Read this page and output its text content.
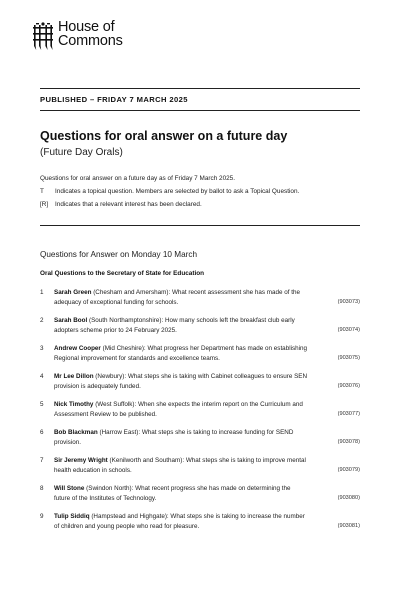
House of
Commons
PUBLISHED – FRIDAY 7 MARCH 2025
Questions for oral answer on a future day
(Future Day Orals)
Questions for oral answer on a future day as of Friday 7 March 2025.
T	Indicates a topical question. Members are selected by ballot to ask a Topical Question.
[R]	Indicates that a relevant interest has been declared.
Questions for Answer on Monday 10 March
Oral Questions to the Secretary of State for Education
1	Sarah Green (Chesham and Amersham): What recent assessment she has made of the
adequacy of exceptional funding for schools.	(903073)
2	Sarah Bool (South Northamptonshire): How many schools left the breakfast club early
adopters scheme prior to 24 February 2025.	(903074)
3	Andrew Cooper (Mid Cheshire): What progress her Department has made on establishing
Regional improvement for standards and excellence teams.	(903075)
4	Mr Lee Dillon (Newbury): What steps she is taking with Cabinet colleagues to ensure SEN
provision is adequately funded.	(903076)
5	Nick Timothy (West Suffolk): When she expects the interim report on the Curriculum and
Assessment Review to be published.	(903077)
6	Bob Blackman (Harrow East): What steps she is taking to increase funding for SEND
provision.	(903078)
7	Sir Jeremy Wright (Kenilworth and Southam): What steps she is taking to improve mental
health education in schools.	(903079)
8	Will Stone (Swindon North): What recent progress she has made on determining the
future of the Institutes of Technology.	(903080)
9	Tulip Siddiq (Hampstead and Highgate): What steps she is taking to increase the number
of children and young people who read for pleasure.	(903081)
